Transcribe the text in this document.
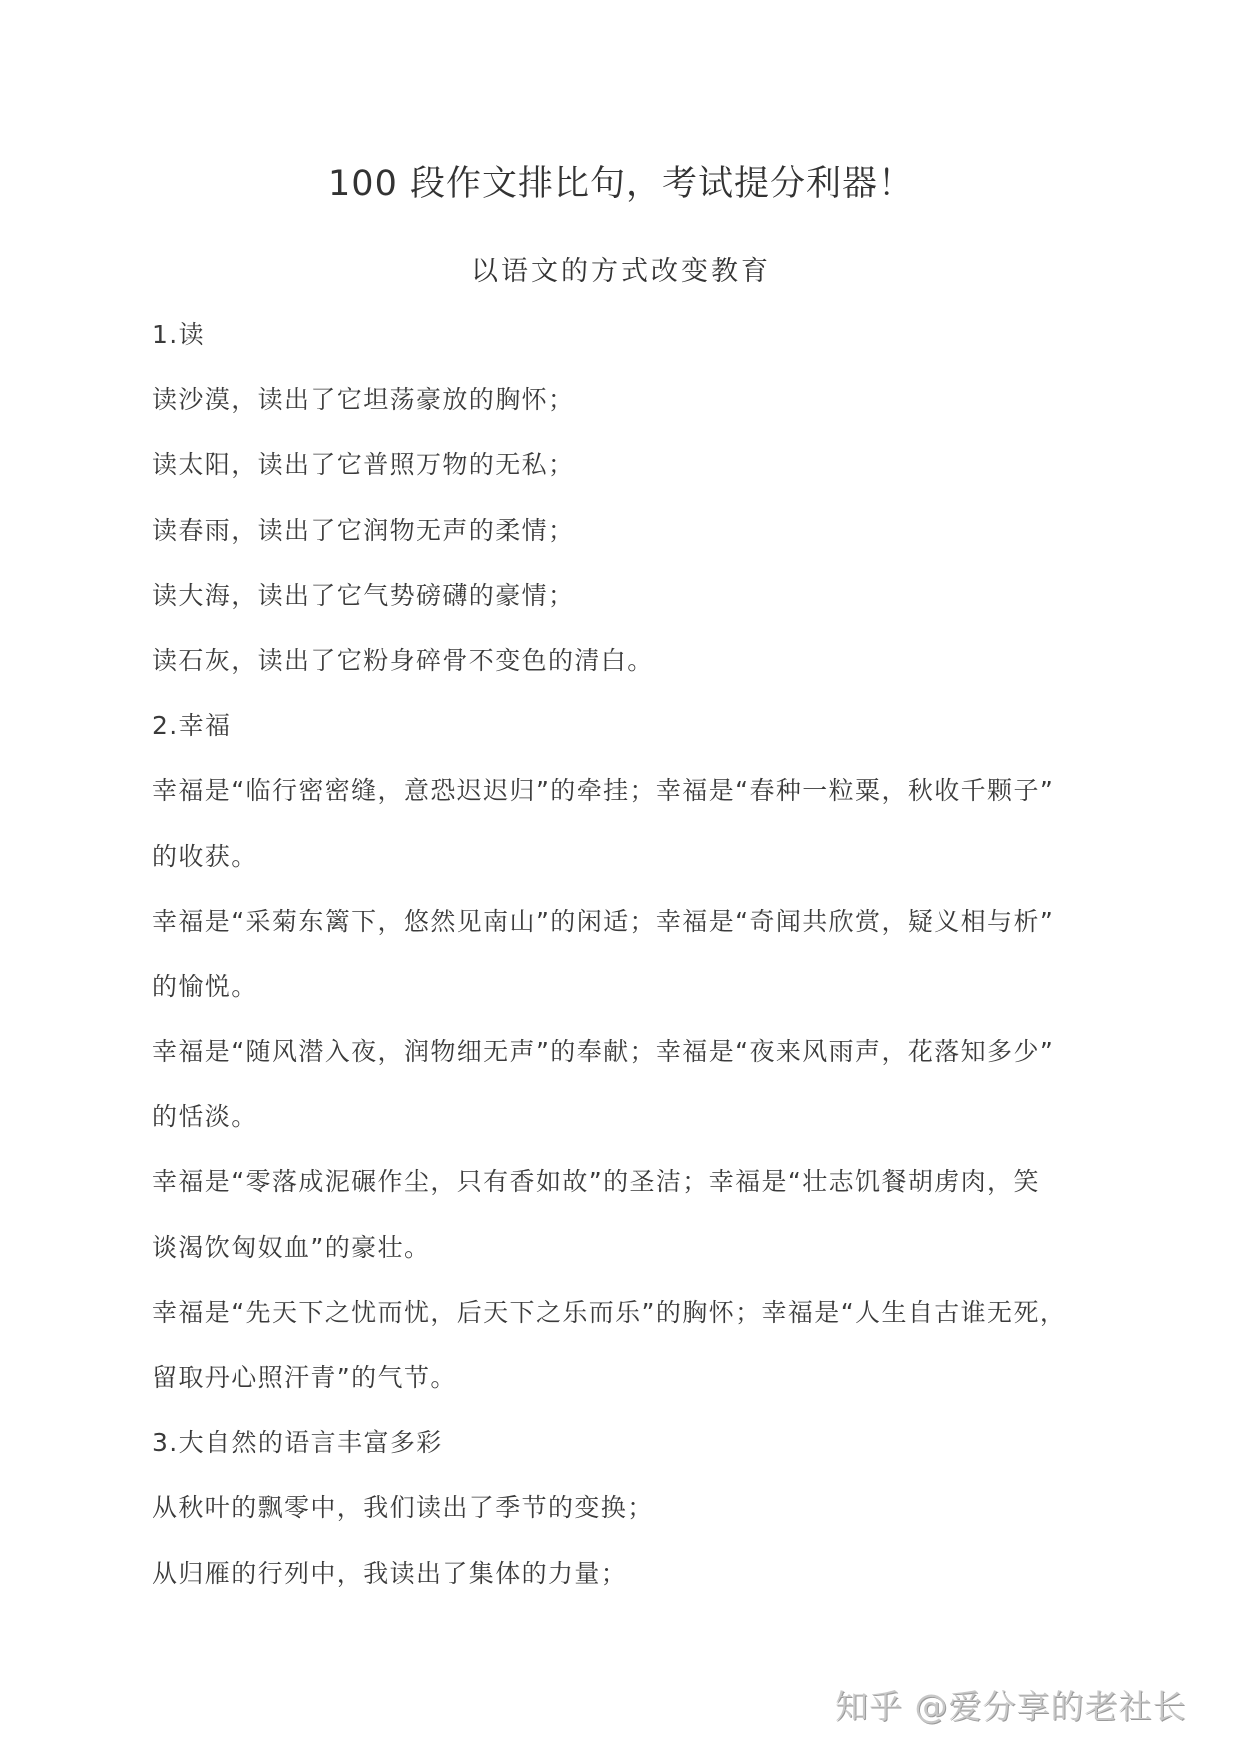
100 段作文排比句，考试提分利器！
以语文的方式改变教育
1.读
读沙漠，读出了它坦荡豪放的胸怀；
读太阳，读出了它普照万物的无私；
读春雨，读出了它润物无声的柔情；
读大海，读出了它气势磅礴的豪情；
读石灰，读出了它粉身碎骨不变色的清白。
2.幸福
幸福是“临行密密缝，意恐迟迟归”的牵挂；幸福是“春种一粒粟，秋收千颗子”
的收获。
幸福是“采菊东篱下，悠然见南山”的闲适；幸福是“奇闻共欣赏，疑义相与析”
的愉悦。
幸福是“随风潜入夜，润物细无声”的奉献；幸福是“夜来风雨声，花落知多少”
的恬淡。
幸福是“零落成泥碾作尘，只有香如故”的圣洁；幸福是“壮志饥餐胡虏肉，笑
谈渴饮匈奴血”的豪壮。
幸福是“先天下之忧而忧，后天下之乐而乐”的胸怀；幸福是“人生自古谁无死，
留取丹心照汗青”的气节。
3.大自然的语言丰富多彩
从秋叶的飘零中，我们读出了季节的变换；
从归雁的行列中，我读出了集体的力量；
知乎 @爱分享的老社长
